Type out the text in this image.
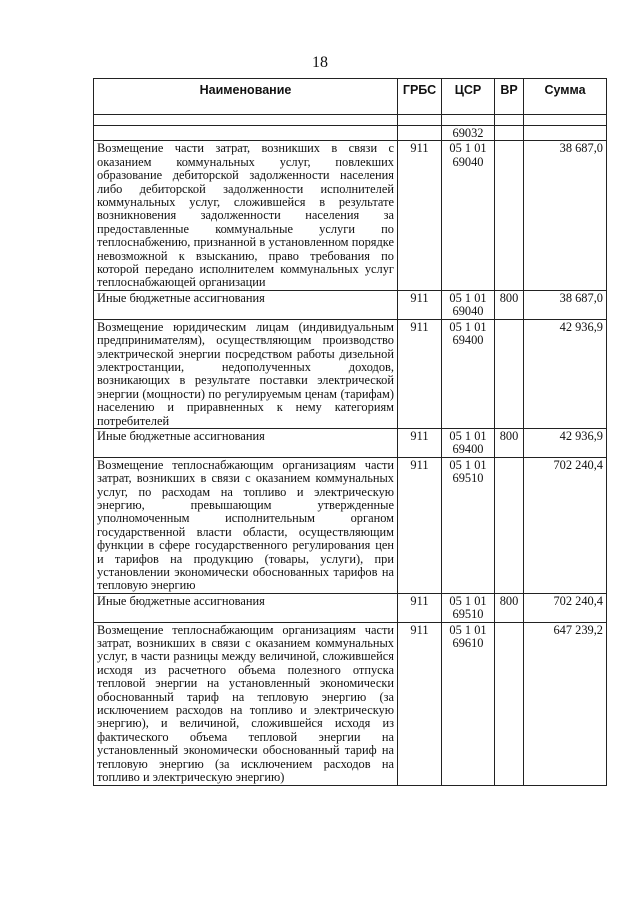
18
Наименование	ГРБС	ЦСР	ВР	Сумма

		69032		
Возмещение части затрат, возникших в связи с оказанием коммунальных услуг, повлекших образование дебиторской задолженности населения либо дебиторской задолженности исполнителей коммунальных услуг, сложившейся в результате возникновения задолженности населения за предоставленные коммунальные услуги по теплоснабжению, признанной в установленном порядке невозможной к взысканию, право требования по которой передано исполнителем коммунальных услуг теплоснабжающей организации	911	05 1 01 69040		38 687,0
Иные бюджетные ассигнования	911	05 1 01 69040	800	38 687,0
Возмещение юридическим лицам (индивидуальным предпринимателям), осуществляющим производство электрической энергии посредством работы дизельной электростанции, недополученных доходов, возникающих в результате поставки электрической энергии (мощности) по регулируемым ценам (тарифам) населению и приравненных к нему категориям потребителей	911	05 1 01 69400		42 936,9
Иные бюджетные ассигнования	911	05 1 01 69400	800	42 936,9
Возмещение теплоснабжающим организациям части затрат, возникших в связи с оказанием коммунальных услуг, по расходам на топливо и электрическую энергию, превышающим утвержденные уполномоченным исполнительным органом государственной власти области, осуществляющим функции в сфере государственного регулирования цен и тарифов на продукцию (товары, услуги), при установлении экономически обоснованных тарифов на тепловую энергию	911	05 1 01 69510		702 240,4
Иные бюджетные ассигнования	911	05 1 01 69510	800	702 240,4
Возмещение теплоснабжающим организациям части затрат, возникших в связи с оказанием коммунальных услуг, в части разницы между величиной, сложившейся исходя из расчетного объема полезного отпуска тепловой энергии на установленный экономически обоснованный тариф на тепловую энергию (за исключением расходов на топливо и электрическую энергию), и величиной, сложившейся исходя из фактического объема тепловой энергии на установленный экономически обоснованный тариф на тепловую энергию (за исключением расходов на топливо и электрическую энергию)	911	05 1 01 69610		647 239,2
